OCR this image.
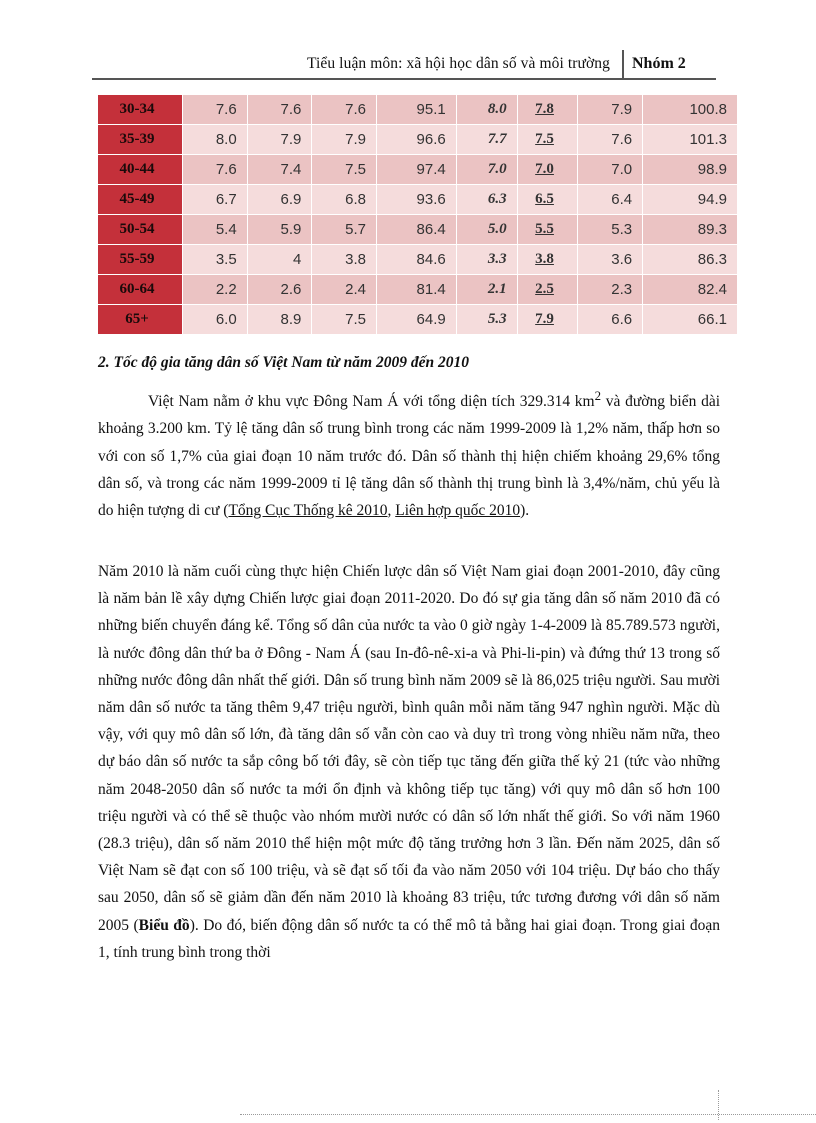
Tiểu luận môn: xã hội học dân số và môi trường Nhóm 2
30-34	7.6	7.6	7.6	95.1	8.0	7.8	7.9	100.8
35-39	8.0	7.9	7.9	96.6	7.7	7.5	7.6	101.3
40-44	7.6	7.4	7.5	97.4	7.0	7.0	7.0	98.9
45-49	6.7	6.9	6.8	93.6	6.3	6.5	6.4	94.9
50-54	5.4	5.9	5.7	86.4	5.0	5.5	5.3	89.3
55-59	3.5	4	3.8	84.6	3.3	3.8	3.6	86.3
60-64	2.2	2.6	2.4	81.4	2.1	2.5	2.3	82.4
65+	6.0	8.9	7.5	64.9	5.3	7.9	6.6	66.1
2. Tốc độ gia tăng dân số Việt Nam từ năm 2009 đến 2010

Việt Nam nằm ở khu vực Đông Nam Á với tổng diện tích 329.314 $km^2$ và đường biển dài khoảng 3.200 km. Tỷ lệ tăng dân số trung bình trong các năm 1999-2009 là 1,2% năm, thấp hơn so với con số 1,7% của giai đoạn 10 năm trước đó. Dân số thành thị hiện chiếm khoảng 29,6% tổng dân số, và trong các năm 1999-2009 tỉ lệ tăng dân số thành thị trung bình là 3,4%/năm, chủ yếu là do hiện tượng di cư (Tổng Cục Thống kê 2010, Liên hợp quốc 2010).

Năm 2010 là năm cuối cùng thực hiện Chiến lược dân số Việt Nam giai đoạn 2001-2010, đây cũng là năm bản lề xây dựng Chiến lược giai đoạn 2011-2020. Do đó sự gia tăng dân số năm 2010 đã có những biến chuyển đáng kể. Tổng số dân của nước ta vào 0 giờ ngày 1-4-2009 là 85.789.573 người, là nước đông dân thứ ba ở Đông - Nam Á (sau In-đô-nê-xi-a và Phi-li-pin) và đứng thứ 13 trong số những nước đông dân nhất thế giới. Dân số trung bình năm 2009 sẽ là 86,025 triệu người. Sau mười năm dân số nước ta tăng thêm 9,47 triệu người, bình quân mỗi năm tăng 947 nghìn người. Mặc dù vậy, với quy mô dân số lớn, đà tăng dân số vẫn còn cao và duy trì trong vòng nhiều năm nữa, theo dự báo dân số nước ta sắp công bố tới đây, sẽ còn tiếp tục tăng đến giữa thế kỷ 21 (tức vào những năm 2048-2050 dân số nước ta mới ổn định và không tiếp tục tăng) với quy mô dân số hơn 100 triệu người và có thể sẽ thuộc vào nhóm mười nước có dân số lớn nhất thế giới. So với năm 1960 (28.3 triệu), dân số năm 2010 thể hiện một mức độ tăng trưởng hơn 3 lần. Đến năm 2025, dân số Việt Nam sẽ đạt con số 100 triệu, và sẽ đạt số tối đa vào năm 2050 với 104 triệu. Dự báo cho thấy sau 2050, dân số sẽ giảm dần đến năm 2010 là khoảng 83 triệu, tức tương đương với dân số năm 2005 (Biểu đồ). Do đó, biến động dân số nước ta có thể mô tả bằng hai giai đoạn. Trong giai đoạn 1, tính trung bình trong thời
